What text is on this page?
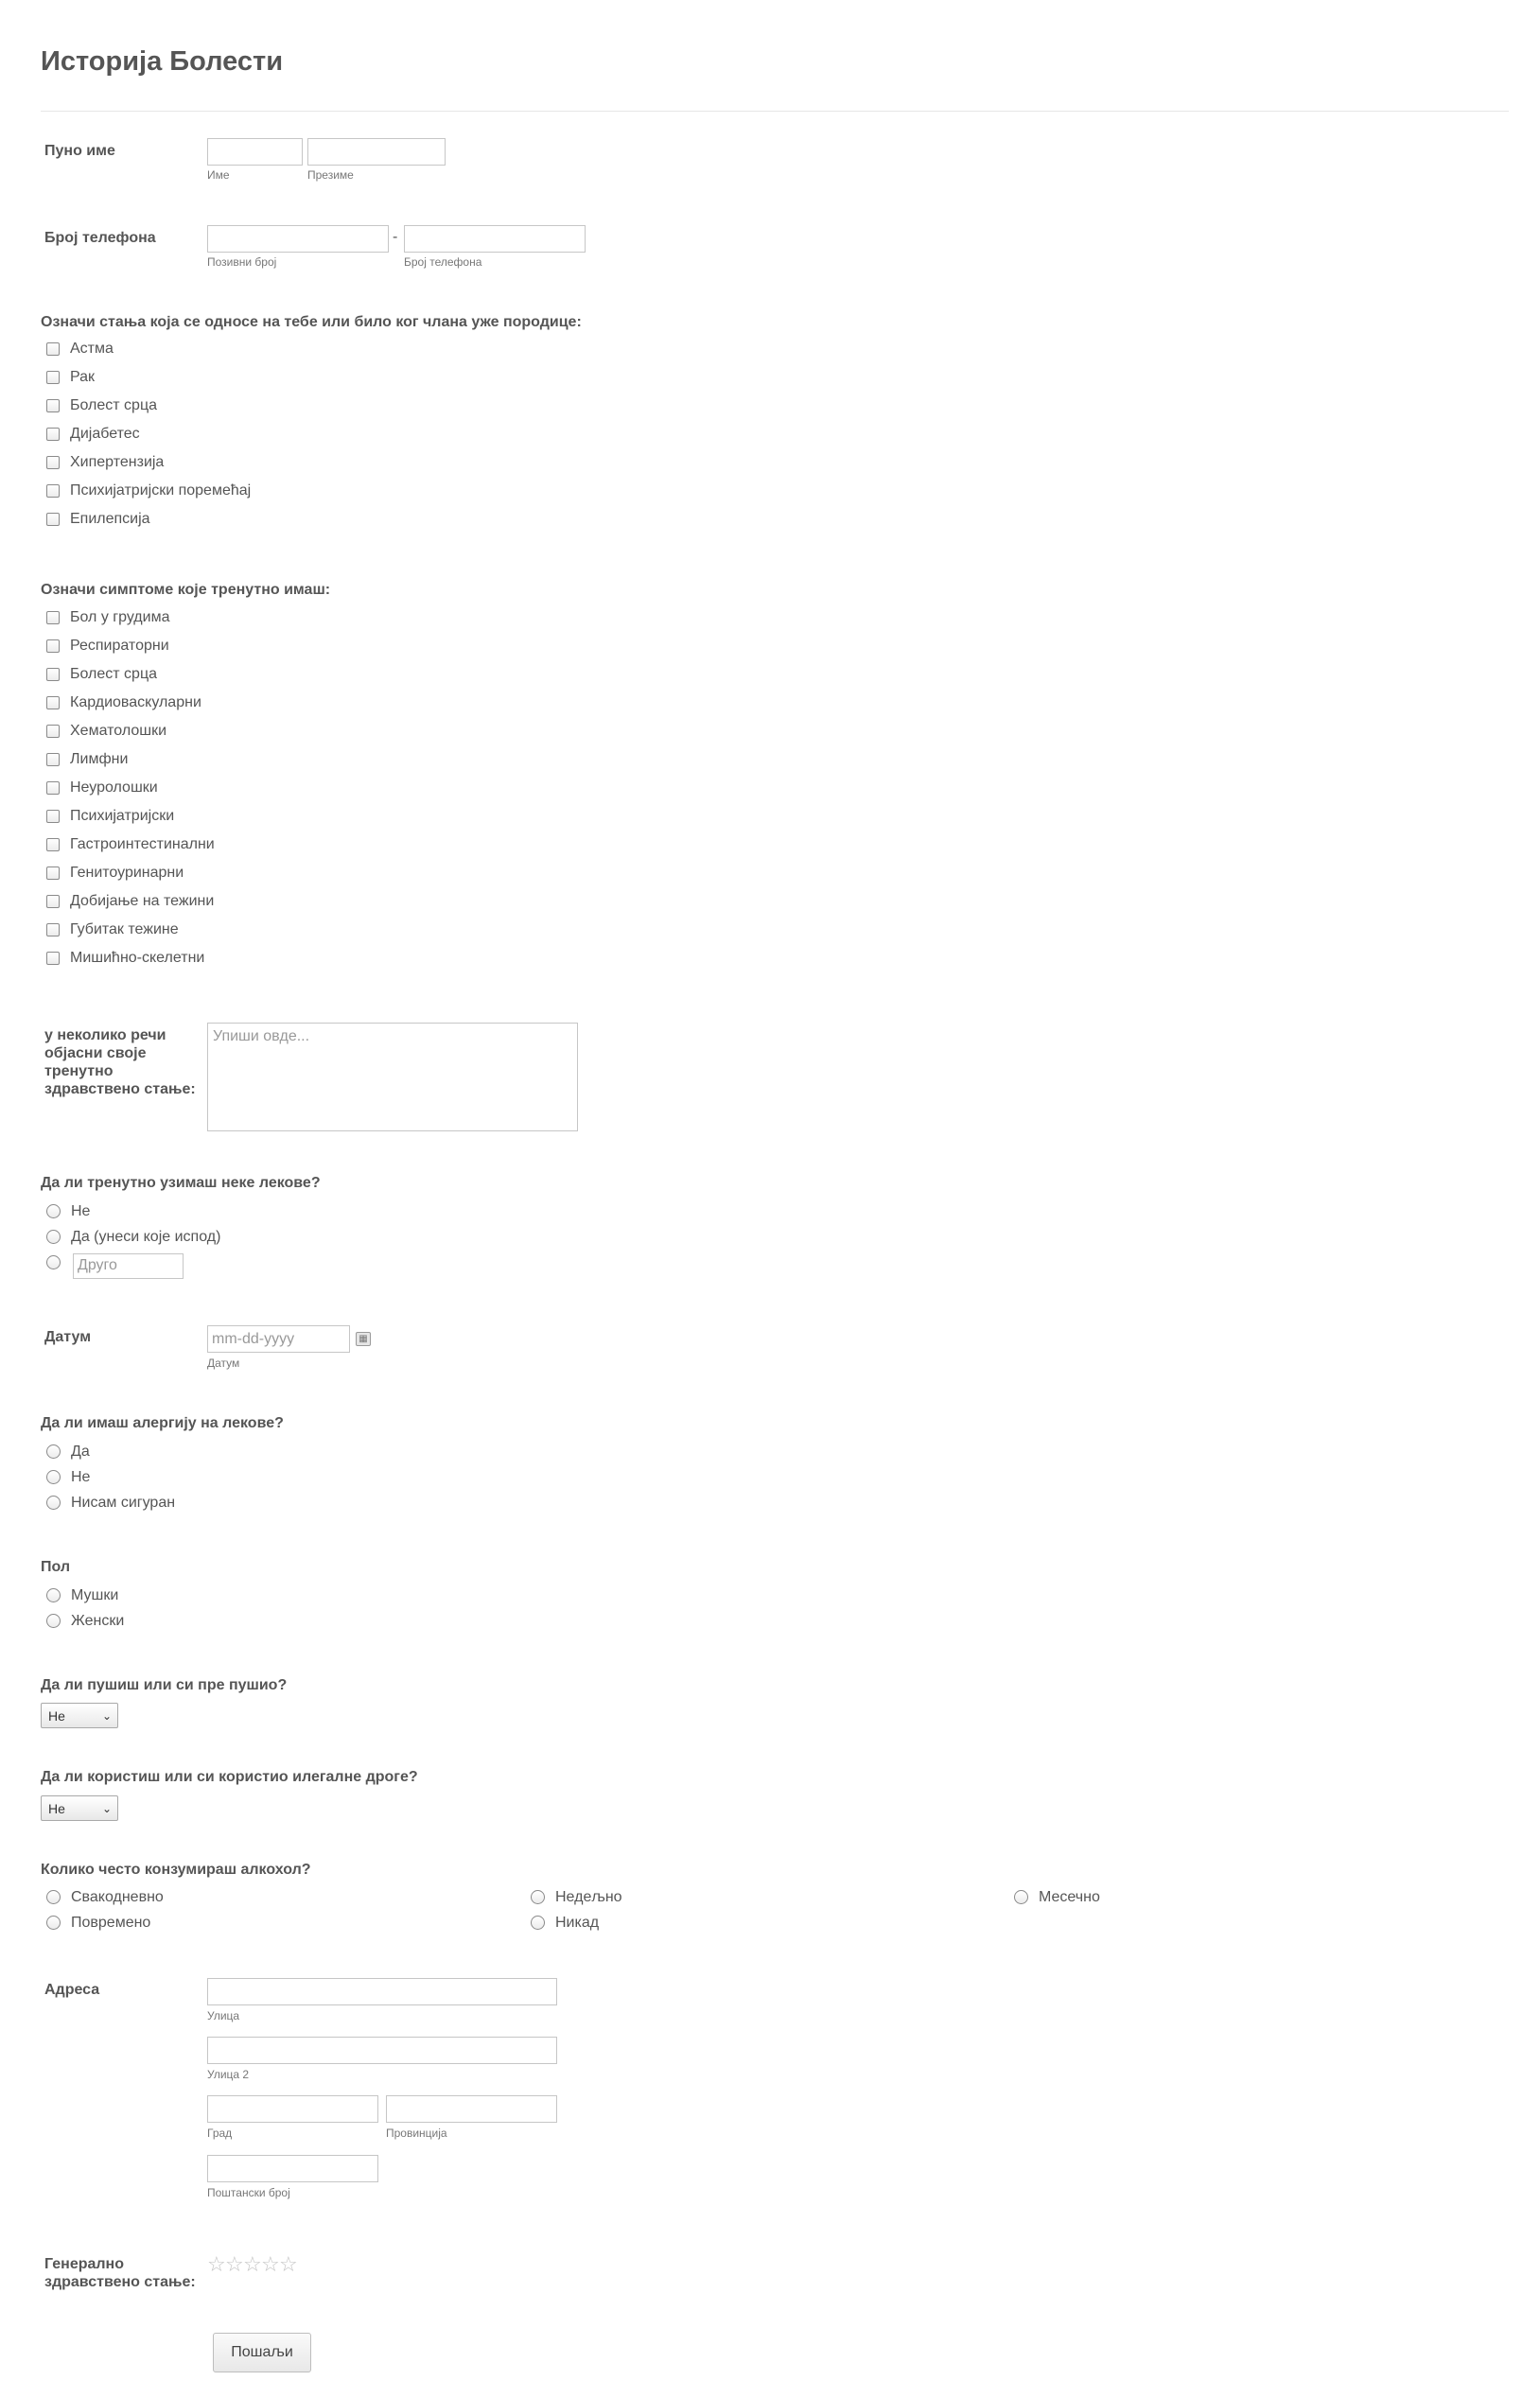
Историја Болести
Пуно име
Име	Презиме
Број телефона	-
Позивни број	Број телефона
Означи стања која се односе на тебе или било ког члана уже породице:
Астма
Рак
Болест срца
Дијабетес
Хипертензија
Психијатријски поремећај
Епилепсија
Означи симптоме које тренутно имаш:
Бол у грудима
Респираторни
Болест срца
Кардиоваскуларни
Хематолошки
Лимфни
Неуролошки
Психијатријски
Гастроинтестинални
Генитоуринарни
Добијање на тежини
Губитак тежине
Мишићно-скелетни
у неколико речи објасни своје тренутно здравствено стање:
Упиши овде...
Да ли тренутно узимаш неке лекове?
Не
Да (унеси које испод)
Друго
Датум
mm-dd-yyyy	▦
Датум
Да ли имаш алергију на лекове?
Да
Не
Нисам сигуран
Пол
Мушки
Женски
Да ли пушиш или си пре пушио?
Не	⌄
Да ли користиш или си користио илегалне дроге?
Не	⌄
Колико често конзумираш алкохол?
Свакодневно	Недељно	Месечно
Повремено	Никад
Адреса
Улица
Улица 2
Град	Провинција
Поштански број
Генерално здравствено стање:
☆ ☆ ☆ ☆ ☆
Пошаљи
